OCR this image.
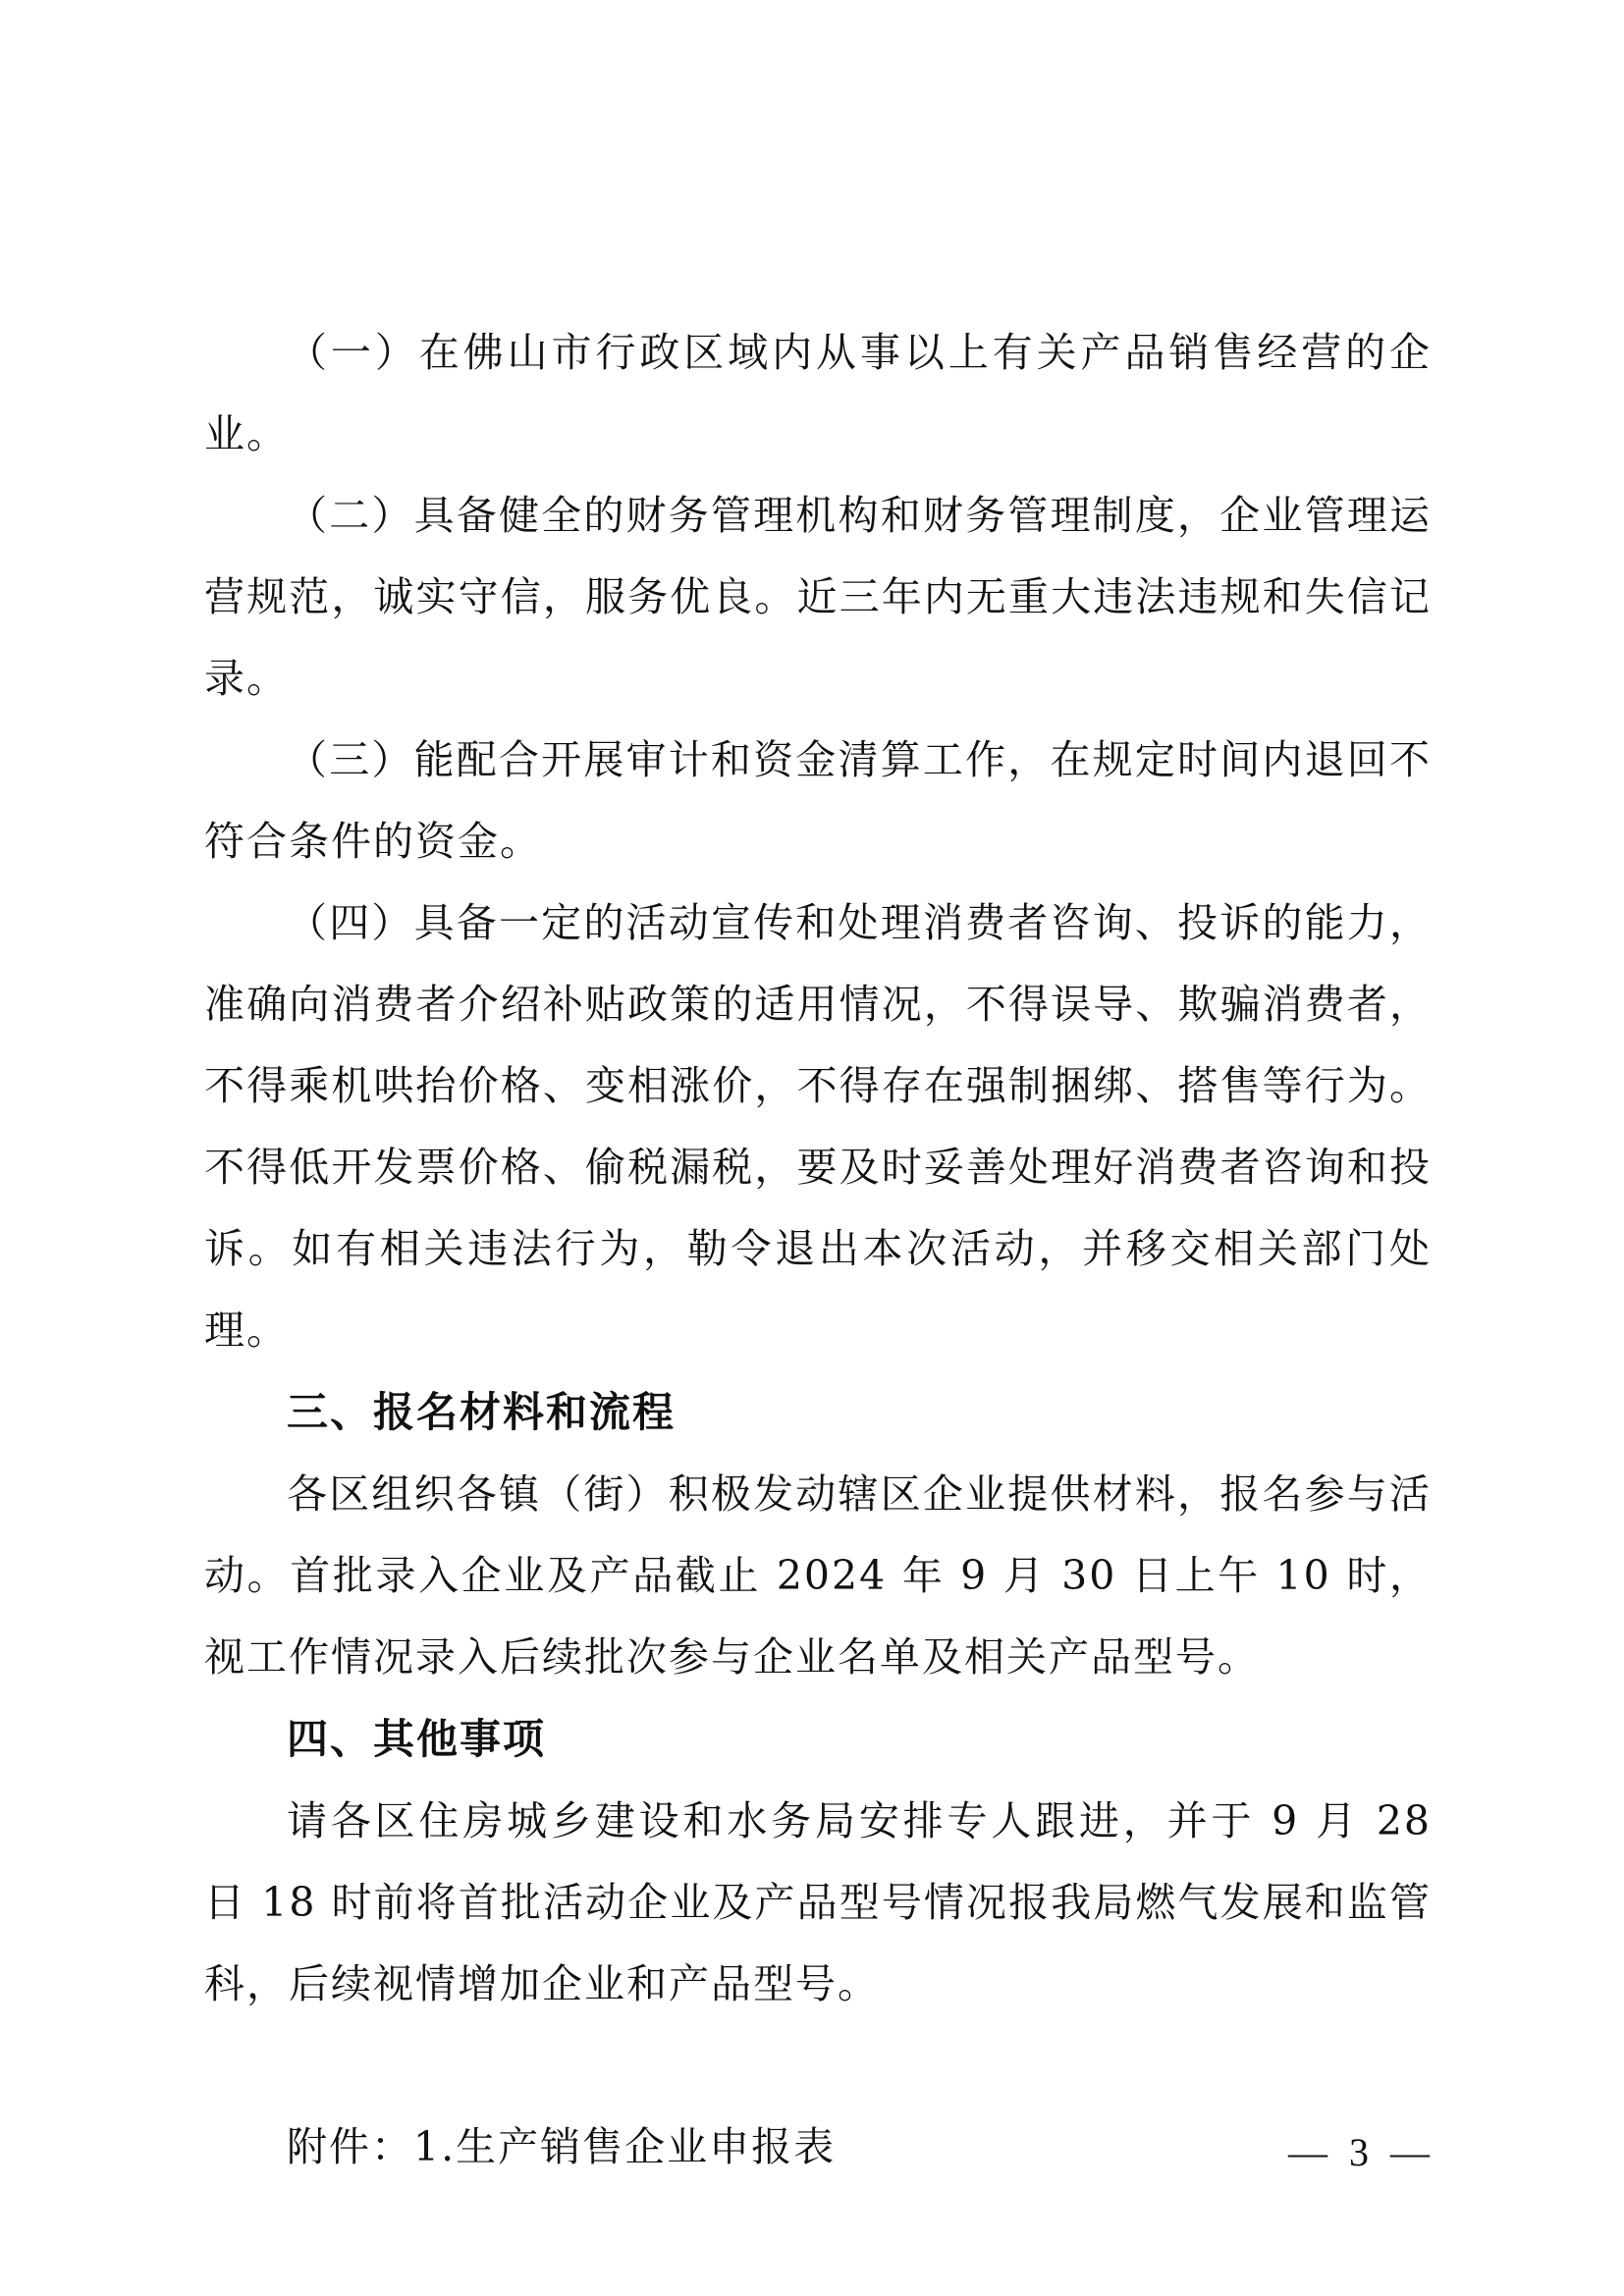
（一）在佛山市行政区域内从事以上有关产品销售经营的企业。

（二）具备健全的财务管理机构和财务管理制度，企业管理运营规范，诚实守信，服务优良。近三年内无重大违法违规和失信记录。

（三）能配合开展审计和资金清算工作，在规定时间内退回不符合条件的资金。

（四）具备一定的活动宣传和处理消费者咨询、投诉的能力，准确向消费者介绍补贴政策的适用情况，不得误导、欺骗消费者，不得乘机哄抬价格、变相涨价，不得存在强制捆绑、搭售等行为。不得低开发票价格、偷税漏税，要及时妥善处理好消费者咨询和投诉。如有相关违法行为，勒令退出本次活动，并移交相关部门处理。

三、报名材料和流程

各区组织各镇（街）积极发动辖区企业提供材料，报名参与活动。首批录入企业及产品截止 2024 年 9 月 30 日上午 10 时，视工作情况录入后续批次参与企业名单及相关产品型号。

四、其他事项

请各区住房城乡建设和水务局安排专人跟进，并于 9 月 28 日 18 时前将首批活动企业及产品型号情况报我局燃气发展和监管科，后续视情增加企业和产品型号。

附件：1.生产销售企业申报表	— 3 —
